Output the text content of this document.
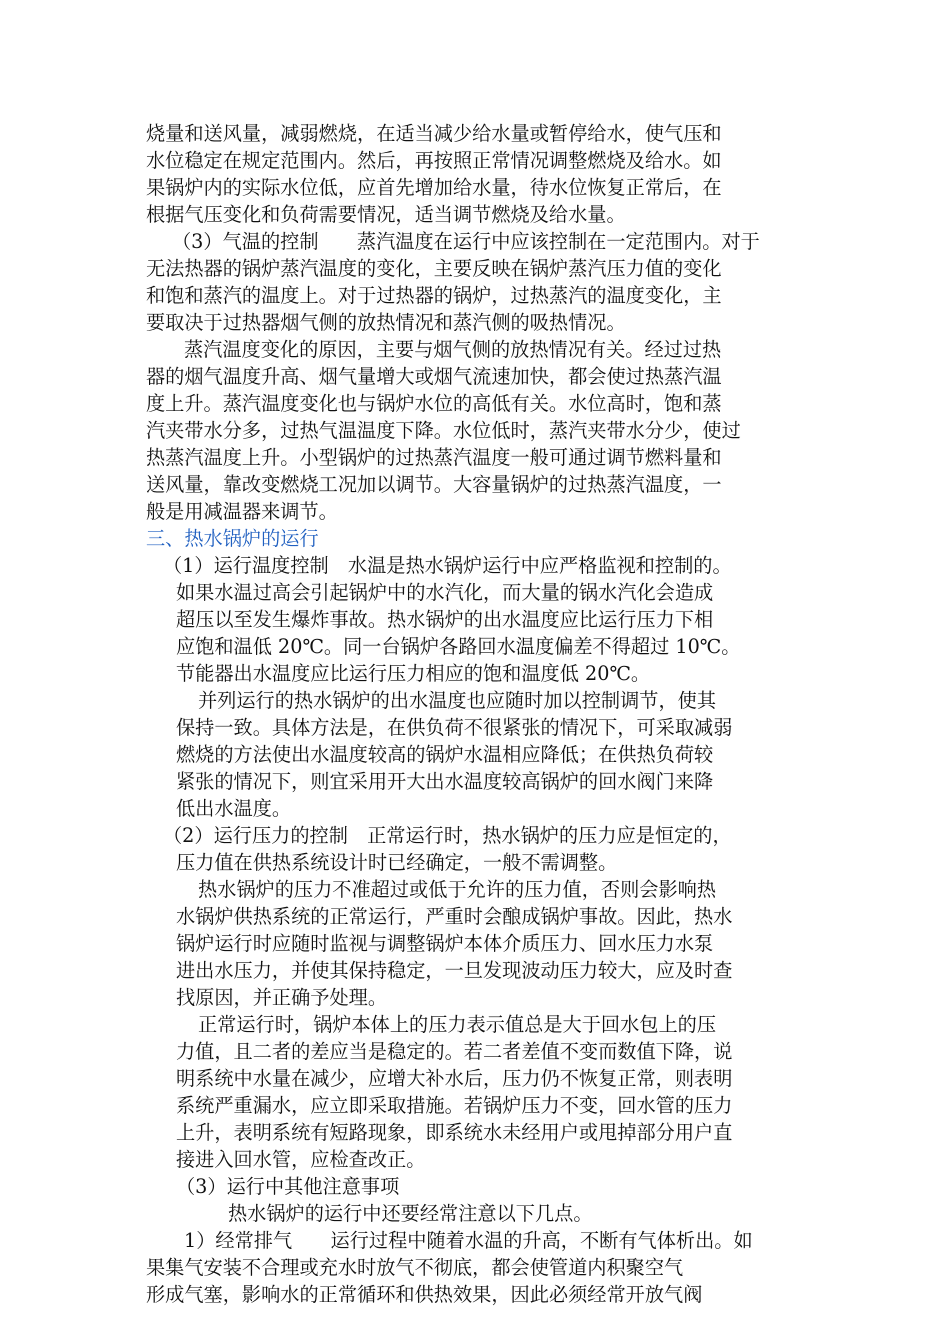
烧量和送风量，减弱燃烧，在适当减少给水量或暂停给水，使气压和
水位稳定在规定范围内。然后，再按照正常情况调整燃烧及给水。如
果锅炉内的实际水位低，应首先增加给水量，待水位恢复正常后，在
根据气压变化和负荷需要情况，适当调节燃烧及给水量。
（3）气温的控制　　蒸汽温度在运行中应该控制在一定范围内。对于
无法热器的锅炉蒸汽温度的变化，主要反映在锅炉蒸汽压力值的变化
和饱和蒸汽的温度上。对于过热器的锅炉，过热蒸汽的温度变化，主
要取决于过热器烟气侧的放热情况和蒸汽侧的吸热情况。
蒸汽温度变化的原因，主要与烟气侧的放热情况有关。经过过热
器的烟气温度升高、烟气量增大或烟气流速加快，都会使过热蒸汽温
度上升。蒸汽温度变化也与锅炉水位的高低有关。水位高时，饱和蒸
汽夹带水分多，过热气温温度下降。水位低时，蒸汽夹带水分少，使过
热蒸汽温度上升。小型锅炉的过热蒸汽温度一般可通过调节燃料量和
送风量，靠改变燃烧工况加以调节。大容量锅炉的过热蒸汽温度，一
般是用减温器来调节。
三、热水锅炉的运行
（1）运行温度控制　水温是热水锅炉运行中应严格监视和控制的。
如果水温过高会引起锅炉中的水汽化，而大量的锅水汽化会造成
超压以至发生爆炸事故。热水锅炉的出水温度应比运行压力下相
应饱和温低 20℃。同一台锅炉各路回水温度偏差不得超过 10℃。
节能器出水温度应比运行压力相应的饱和温度低 20℃。
并列运行的热水锅炉的出水温度也应随时加以控制调节，使其
保持一致。具体方法是，在供负荷不很紧张的情况下，可采取减弱
燃烧的方法使出水温度较高的锅炉水温相应降低；在供热负荷较
紧张的情况下，则宜采用开大出水温度较高锅炉的回水阀门来降
低出水温度。
（2）运行压力的控制　正常运行时，热水锅炉的压力应是恒定的，
压力值在供热系统设计时已经确定，一般不需调整。
热水锅炉的压力不准超过或低于允许的压力值，否则会影响热
水锅炉供热系统的正常运行，严重时会酿成锅炉事故。因此，热水
锅炉运行时应随时监视与调整锅炉本体介质压力、回水压力水泵
进出水压力，并使其保持稳定，一旦发现波动压力较大，应及时查
找原因，并正确予处理。
正常运行时，锅炉本体上的压力表示值总是大于回水包上的压
力值，且二者的差应当是稳定的。若二者差值不变而数值下降，说
明系统中水量在减少，应增大补水后，压力仍不恢复正常，则表明
系统严重漏水，应立即采取措施。若锅炉压力不变，回水管的压力
上升，表明系统有短路现象，即系统水未经用户或甩掉部分用户直
接进入回水管，应检查改正。
（3）运行中其他注意事项
热水锅炉的运行中还要经常注意以下几点。
1）经常排气　　运行过程中随着水温的升高，不断有气体析出。如
果集气安装不合理或充水时放气不彻底，都会使管道内积聚空气
形成气塞，影响水的正常循环和供热效果，因此必须经常开放气阀
